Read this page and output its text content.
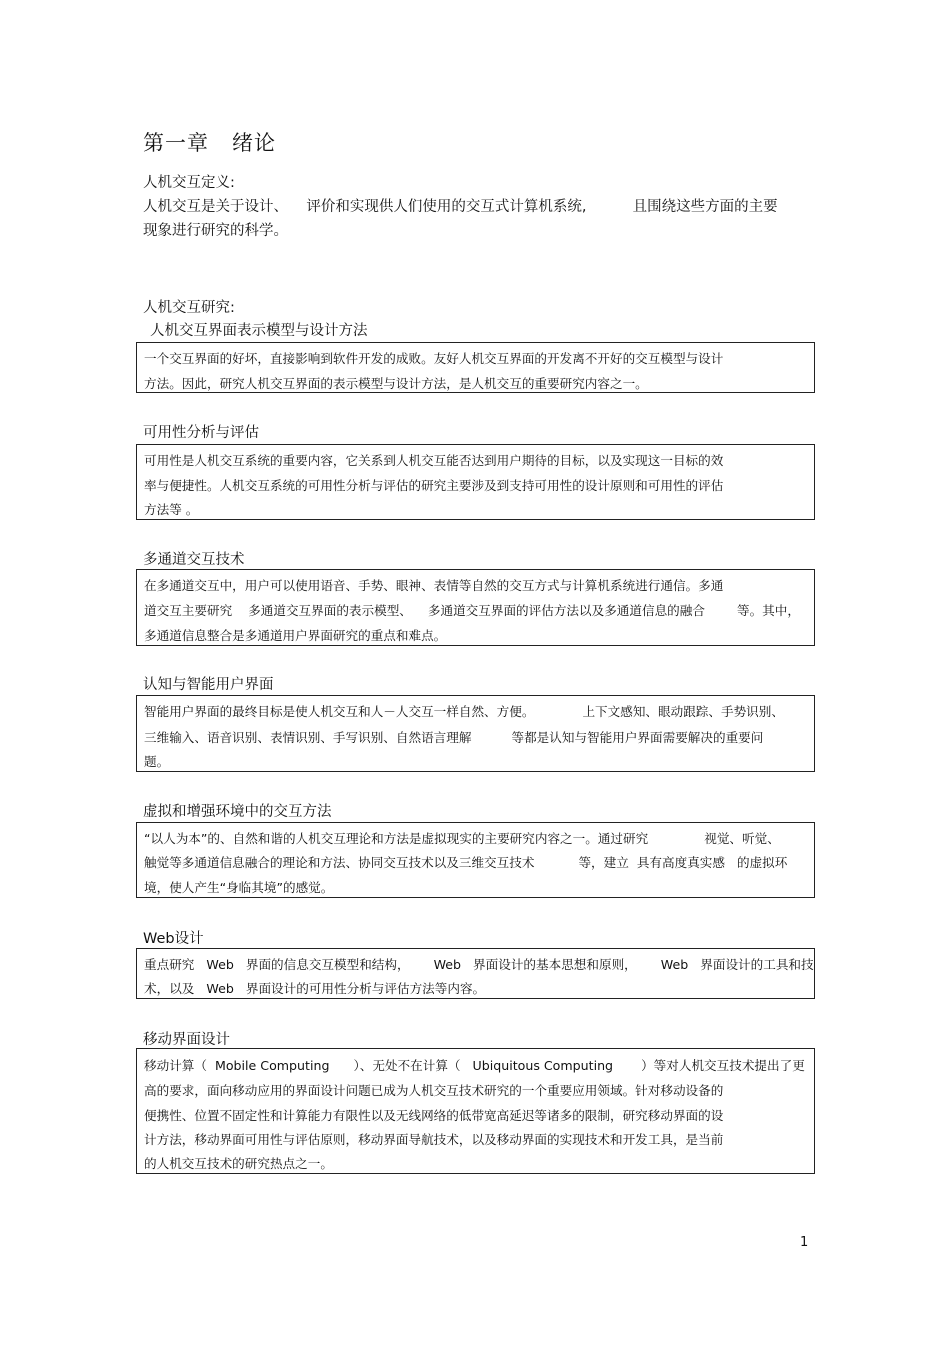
第一章   绪论
人机交互定义:
人机交互是关于设计、    评价和实现供人们使用的交互式计算机系统,          且围绕这些方面的主要
现象进行研究的科学。
人机交互研究:
人机交互界面表示模型与设计方法
一个交互界面的好坏，直接影响到软件开发的成败。友好人机交互界面的开发离不开好的交互模型与设计
方法。因此，研究人机交互界面的表示模型与设计方法，是人机交互的重要研究内容之一。
可用性分析与评估
可用性是人机交互系统的重要内容，它关系到人机交互能否达到用户期待的目标，以及实现这一目标的效
率与便捷性。人机交互系统的可用性分析与评估的研究主要涉及到支持可用性的设计原则和可用性的评估
方法等 。
多通道交互技术
在多通道交互中，用户可以使用语音、手势、眼神、表情等自然的交互方式与计算机系统进行通信。多通
道交互主要研究    多通道交互界面的表示模型、    多通道交互界面的评估方法以及多通道信息的融合        等。其中，
多通道信息整合是多通道用户界面研究的重点和难点。
认知与智能用户界面
智能用户界面的最终目标是使人机交互和人－人交互一样自然、方便。            上下文感知、眼动跟踪、手势识别、
三维输入、语音识别、表情识别、手写识别、自然语言理解          等都是认知与智能用户界面需要解决的重要问
题。
虚拟和增强环境中的交互方法
“以人为本”的、自然和谐的人机交互理论和方法是虚拟现实的主要研究内容之一。通过研究              视觉、听觉、
触觉等多通道信息融合的理论和方法、协同交互技术以及三维交互技术           等，建立  具有高度真实感   的虚拟环
境，使人产生“身临其境”的感觉。
Web设计
重点研究   Web   界面的信息交互模型和结构，      Web   界面设计的基本思想和原则，      Web   界面设计的工具和技
术，以及   Web   界面设计的可用性分析与评估方法等内容。
移动界面设计
移动计算（  Mobile Computing      ）、无处不在计算（   Ubiquitous Computing       ）等对人机交互技术提出了更
高的要求，面向移动应用的界面设计问题已成为人机交互技术研究的一个重要应用领域。针对移动设备的
便携性、位置不固定性和计算能力有限性以及无线网络的低带宽高延迟等诸多的限制，研究移动界面的设
计方法，移动界面可用性与评估原则，移动界面导航技术，以及移动界面的实现技术和开发工具，是当前
的人机交互技术的研究热点之一。
1
